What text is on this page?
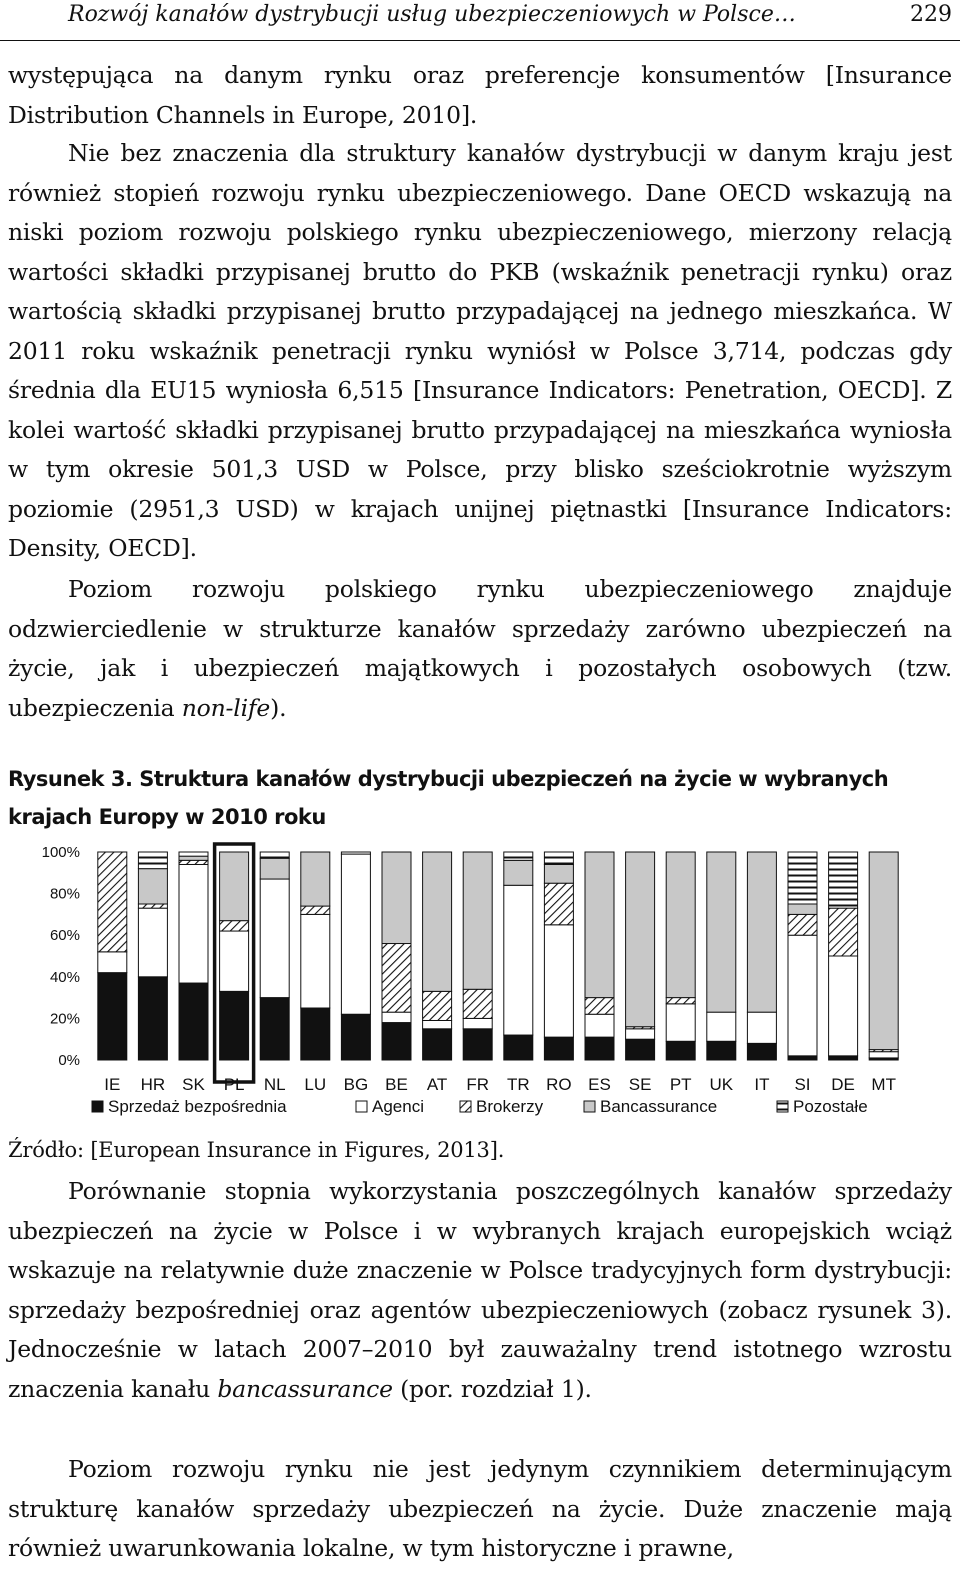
Rozwój kanałów dystrybucji usług ubezpieczeniowych w Polsce…	229

występująca na danym rynku oraz preferencje konsumentów [Insurance Distribution Channels in Europe, 2010].

Nie bez znaczenia dla struktury kanałów dystrybucji w danym kraju jest również stopień rozwoju rynku ubezpieczeniowego. Dane OECD wskazują na niski poziom rozwoju polskiego rynku ubezpieczeniowego, mierzony relacją wartości składki przypisanej brutto do PKB (wskaźnik penetracji rynku) oraz wartością składki przypisanej brutto przypadającej na jednego mieszkańca. W 2011 roku wskaźnik penetracji rynku wyniósł w Polsce 3,714, podczas gdy średnia dla EU15 wyniosła 6,515 [Insurance Indicators: Penetration, OECD]. Z kolei wartość składki przypisanej brutto przypadającej na mieszkańca wyniosła w tym okresie 501,3 USD w Polsce, przy blisko sześciokrotnie wyższym poziomie (2951,3 USD) w krajach unijnej piętnastki [Insurance Indicators: Density, OECD].

Poziom rozwoju polskiego rynku ubezpieczeniowego znajduje odzwierciedlenie w strukturze kanałów sprzedaży zarówno ubezpieczeń na życie, jak i ubezpieczeń majątkowych i pozostałych osobowych (tzw. ubezpieczenia non-life).

Rysunek 3. Struktura kanałów dystrybucji ubezpieczeń na życie w wybranych krajach Europy w 2010 roku

0%
20%
40%
60%
80%
100%
IE HR SK PL NL LU BG BE AT FR TR RO ES SE PT UK IT SI DE MT
Sprzedaż bezpośrednia	Agenci	Brokerzy	Bancassurance	Pozostałe
Źródło: [European Insurance in Figures, 2013].

Porównanie stopnia wykorzystania poszczególnych kanałów sprzedaży ubezpieczeń na życie w Polsce i w wybranych krajach europejskich wciąż wskazuje na relatywnie duże znaczenie w Polsce tradycyjnych form dystrybucji: sprzedaży bezpośredniej oraz agentów ubezpieczeniowych (zobacz rysunek 3). Jednocześnie w latach 2007–2010 był zauważalny trend istotnego wzrostu znaczenia kanału bancassurance (por. rozdział 1).

Poziom rozwoju rynku nie jest jedynym czynnikiem determinującym strukturę kanałów sprzedaży ubezpieczeń na życie. Duże znaczenie mają również uwarunkowania lokalne, w tym historyczne i prawne,
